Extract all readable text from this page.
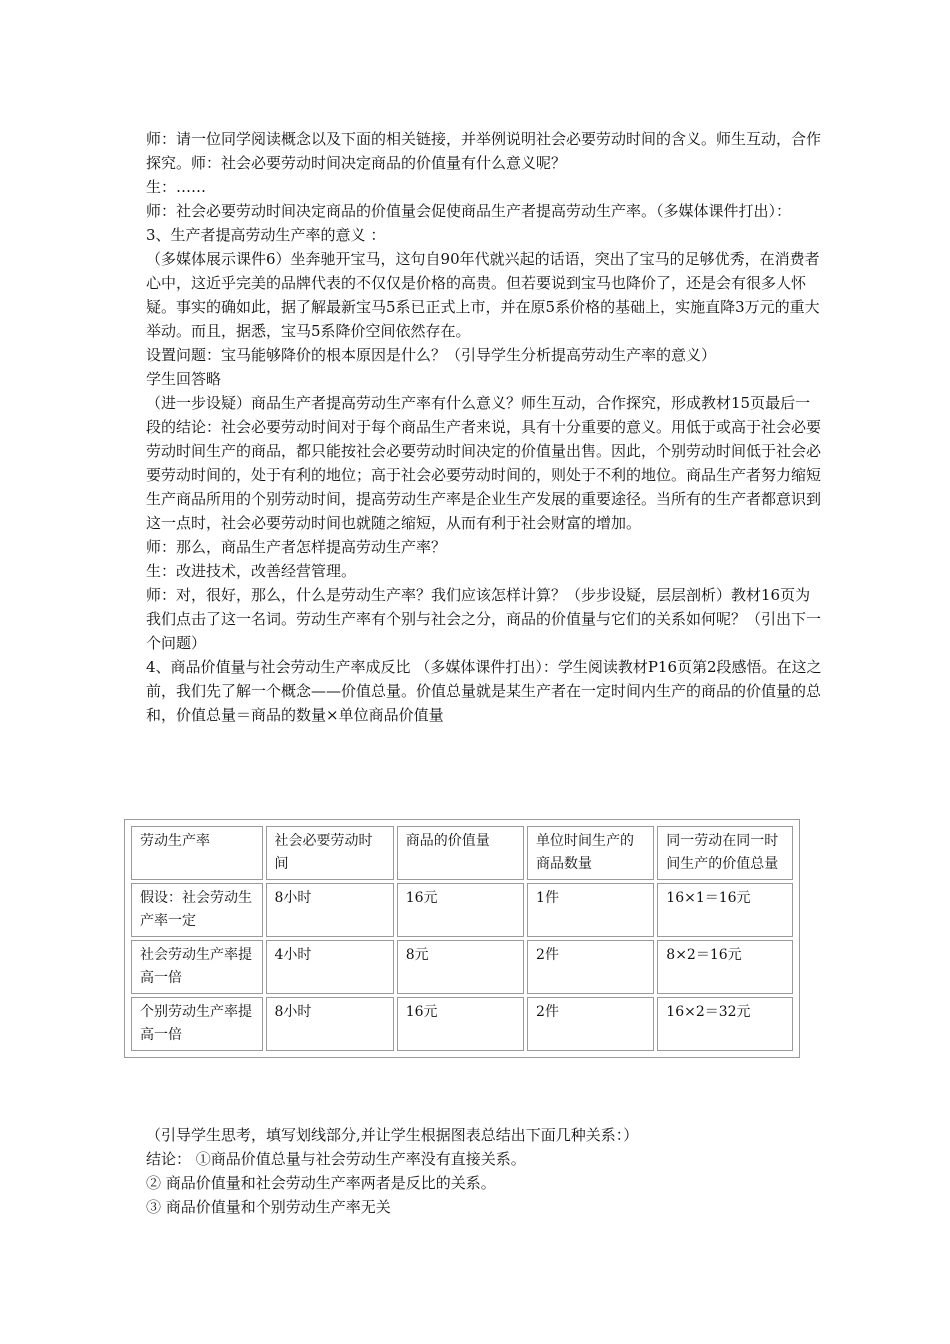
师：请一位同学阅读概念以及下面的相关链接，并举例说明社会必要劳动时间的含义。师生互动，合作探究。师：社会必要劳动时间决定商品的价值量有什么意义呢？

生：……

师：社会必要劳动时间决定商品的价值量会促使商品生产者提高劳动生产率。（多媒体课件打出）：

3、生产者提高劳动生产率的意义 ：

（多媒体展示课件6）坐奔驰开宝马，这句自90年代就兴起的话语，突出了宝马的足够优秀，在消费者心中，这近乎完美的品牌代表的不仅仅是价格的高贵。但若要说到宝马也降价了，还是会有很多人怀疑。事实的确如此，据了解最新宝马5系已正式上市，并在原5系价格的基础上，实施直降3万元的重大举动。而且，据悉，宝马5系降价空间依然存在。

设置问题：宝马能够降价的根本原因是什么？（引导学生分析提高劳动生产率的意义）

学生回答略

（进一步设疑）商品生产者提高劳动生产率有什么意义？师生互动，合作探究，形成教材15页最后一段的结论：社会必要劳动时间对于每个商品生产者来说，具有十分重要的意义。用低于或高于社会必要劳动时间生产的商品，都只能按社会必要劳动时间决定的价值量出售。因此，个别劳动时间低于社会必要劳动时间的，处于有利的地位；高于社会必要劳动时间的，则处于不利的地位。商品生产者努力缩短生产商品所用的个别劳动时间，提高劳动生产率是企业生产发展的重要途径。当所有的生产者都意识到这一点时，社会必要劳动时间也就随之缩短，从而有利于社会财富的增加。

师：那么，商品生产者怎样提高劳动生产率？

生：改进技术，改善经营管理。

师：对，很好，那么，什么是劳动生产率？我们应该怎样计算？（步步设疑，层层剖析）教材16页为我们点击了这一名词。劳动生产率有个别与社会之分，商品的价值量与它们的关系如何呢？（引出下一个问题）

4、商品价值量与社会劳动生产率成反比 （多媒体课件打出）：学生阅读教材P16页第2段感悟。在这之前，我们先了解一个概念——价值总量。价值总量就是某生产者在一定时间内生产的商品的价值量的总和，价值总量＝商品的数量×单位商品价值量

劳动生产率	社会必要劳动时间	商品的价值量	单位时间生产的商品数量	同一劳动在同一时间生产的价值总量
假设：社会劳动生产率一定	8小时	16元	1件	16×1＝16元
社会劳动生产率提高一倍	4小时	8元	2件	8×2＝16元
个别劳动生产率提高一倍	8小时	16元	2件	16×2＝32元

（引导学生思考，填写划线部分,并让学生根据图表总结出下面几种关系：）

结论： ①商品价值总量与社会劳动生产率没有直接关系。

② 商品价值量和社会劳动生产率两者是反比的关系。

③ 商品价值量和个别劳动生产率无关
